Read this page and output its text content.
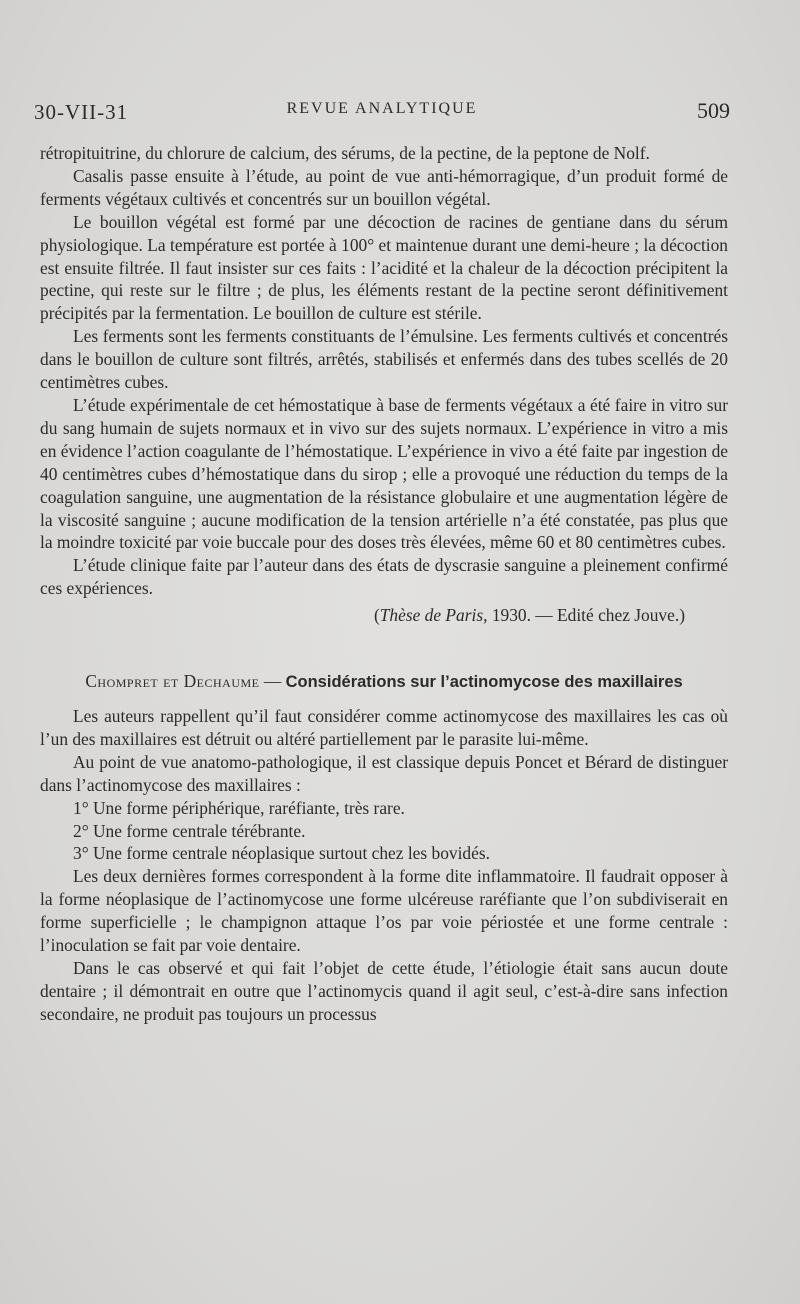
30-VII-31	REVUE ANALYTIQUE	509

rétropituitrine, du chlorure de calcium, des sérums, de la pectine, de la peptone de Nolf.

Casalis passe ensuite à l’étude, au point de vue anti-hémorragique, d’un produit formé de ferments végétaux cultivés et concentrés sur un bouillon végétal.

Le bouillon végétal est formé par une décoction de racines de gentiane dans du sérum physiologique. La température est portée à 100° et maintenue durant une demi-heure ; la décoction est ensuite filtrée. Il faut insister sur ces faits : l’acidité et la chaleur de la décoction précipitent la pectine, qui reste sur le filtre ; de plus, les éléments restant de la pectine seront définitivement précipités par la fermentation. Le bouillon de culture est stérile.

Les ferments sont les ferments constituants de l’émulsine. Les ferments cultivés et concentrés dans le bouillon de culture sont filtrés, arrêtés, stabilisés et enfermés dans des tubes scellés de 20 centimètres cubes.

L’étude expérimentale de cet hémostatique à base de ferments végétaux a été faire in vitro sur du sang humain de sujets normaux et in vivo sur des sujets normaux. L’expérience in vitro a mis en évidence l’action coagulante de l’hémostatique. L’expérience in vivo a été faite par ingestion de 40 centimètres cubes d’hémostatique dans du sirop ; elle a provoqué une réduction du temps de la coagulation sanguine, une augmentation de la résistance globulaire et une augmentation légère de la viscosité sanguine ; aucune modification de la tension artérielle n’a été constatée, pas plus que la moindre toxicité par voie buccale pour des doses très élevées, même 60 et 80 centimètres cubes.

L’étude clinique faite par l’auteur dans des états de dyscrasie sanguine a pleinement confirmé ces expériences.

(Thèse de Paris, 1930. — Edité chez Jouve.)
Chompret et Dechaume — Considérations sur l’actinomycose des maxillaires

Les auteurs rappellent qu’il faut considérer comme actinomycose des maxillaires les cas où l’un des maxillaires est détruit ou altéré partiellement par le parasite lui-même.

Au point de vue anatomo-pathologique, il est classique depuis Poncet et Bérard de distinguer dans l’actinomycose des maxillaires :

1° Une forme périphérique, raréfiante, très rare.

2° Une forme centrale térébrante.

3° Une forme centrale néoplasique surtout chez les bovidés.

Les deux dernières formes correspondent à la forme dite inflammatoire. Il faudrait opposer à la forme néoplasique de l’actinomycose une forme ulcéreuse raréfiante que l’on subdiviserait en forme superficielle ; le champignon attaque l’os par voie périostée et une forme centrale : l’inoculation se fait par voie dentaire.

Dans le cas observé et qui fait l’objet de cette étude, l’étiologie était sans aucun doute dentaire ; il démontrait en outre que l’actinomycis quand il agit seul, c’est-à-dire sans infection secondaire, ne produit pas toujours un processus
